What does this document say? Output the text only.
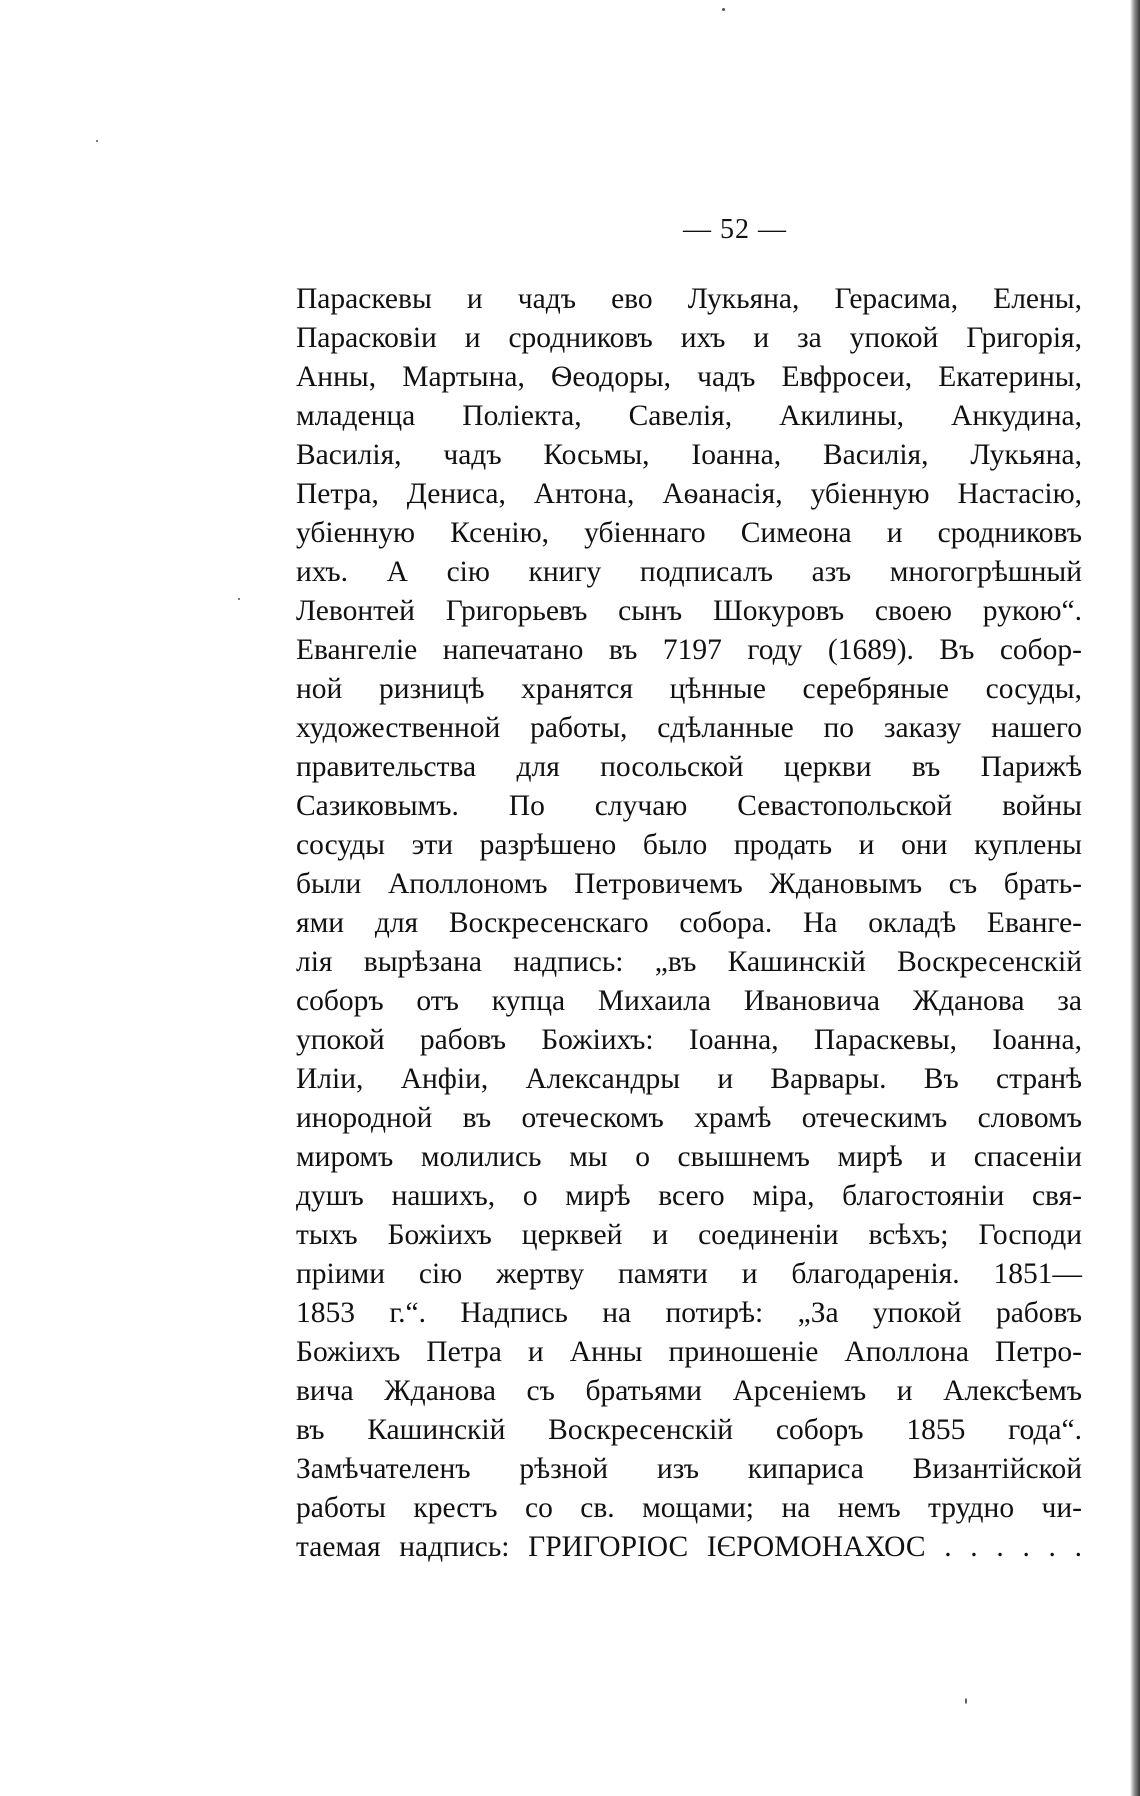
— 52 —
Параскевы и чадъ ево Лукьяна, Герасима, Елены,
Парасковіи и сродниковъ ихъ и за упокой Григорія,
Анны, Мартына, Ѳеодоры, чадъ Евфросеи, Екатерины,
младенца Поліекта, Савелія, Акилины, Анкудина,
Василія, чадъ Косьмы, Іоанна, Василія, Лукьяна,
Петра, Дениса, Антона, Аѳанасія, убіенную Настасію,
убіенную Ксенію, убіеннаго Симеона и сродниковъ
ихъ. А сію книгу подписалъ азъ многогрѣшный
Левонтей Григорьевъ сынъ Шокуровъ своею рукою“.
Евангеліе напечатано въ 7197 году (1689). Въ собор-
ной ризницѣ хранятся цѣнные серебряные сосуды,
художественной работы, сдѣланные по заказу нашего
правительства для посольской церкви въ Парижѣ
Сазиковымъ. По случаю Севастопольской войны
сосуды эти разрѣшено было продать и они куплены
были Аполлономъ Петровичемъ Ждановымъ съ брать-
ями для Воскресенскаго собора. На окладѣ Еванге-
лія вырѣзана надпись: „въ Кашинскій Воскресенскій
соборъ отъ купца Михаила Ивановича Жданова за
упокой рабовъ Божіихъ: Іоанна, Параскевы, Іоанна,
Иліи, Анфіи, Александры и Варвары. Въ странѣ
инородной въ отеческомъ храмѣ отеческимъ словомъ
миромъ молились мы о свышнемъ мирѣ и спасеніи
душъ нашихъ, о мирѣ всего міра, благостояніи свя-
тыхъ Божіихъ церквей и соединеніи всѣхъ; Господи
пріими сію жертву памяти и благодаренія. 1851—
1853 г.“. Надпись на потирѣ: „За упокой рабовъ
Божіихъ Петра и Анны приношеніе Аполлона Петро-
вича Жданова съ братьями Арсеніемъ и Алексѣемъ
въ Кашинскій Воскресенскій соборъ 1855 года“.
Замѣчателенъ рѣзной изъ кипариса Византійской
работы крестъ со св. мощами; на немъ трудно чи-
таемая надпись: ГРИГОРІОС ІЄРОМОНАХОС . . . . . .
